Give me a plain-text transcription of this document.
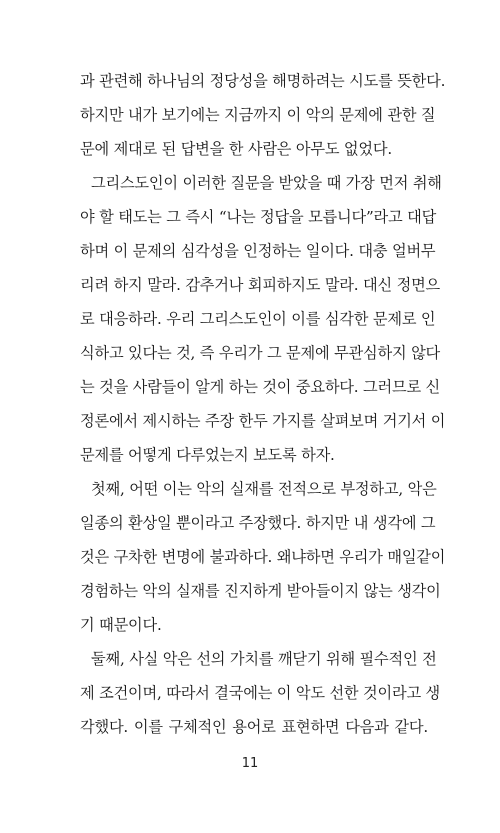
과 관련해 하나님의 정당성을 해명하려는 시도를 뜻한다.
하지만 내가 보기에는 지금까지 이 악의 문제에 관한 질
문에 제대로 된 답변을 한 사람은 아무도 없었다.
그리스도인이 이러한 질문을 받았을 때 가장 먼저 취해
야 할 태도는 그 즉시 “나는 정답을 모릅니다”라고 대답
하며 이 문제의 심각성을 인정하는 일이다. 대충 얼버무
리려 하지 말라. 감추거나 회피하지도 말라. 대신 정면으
로 대응하라. 우리 그리스도인이 이를 심각한 문제로 인
식하고 있다는 것, 즉 우리가 그 문제에 무관심하지 않다
는 것을 사람들이 알게 하는 것이 중요하다. 그러므로 신
정론에서 제시하는 주장 한두 가지를 살펴보며 거기서 이
문제를 어떻게 다루었는지 보도록 하자.
첫째, 어떤 이는 악의 실재를 전적으로 부정하고, 악은
일종의 환상일 뿐이라고 주장했다. 하지만 내 생각에 그
것은 구차한 변명에 불과하다. 왜냐하면 우리가 매일같이
경험하는 악의 실재를 진지하게 받아들이지 않는 생각이
기 때문이다.
둘째, 사실 악은 선의 가치를 깨닫기 위해 필수적인 전
제 조건이며, 따라서 결국에는 이 악도 선한 것이라고 생
각했다. 이를 구체적인 용어로 표현하면 다음과 같다.
11
